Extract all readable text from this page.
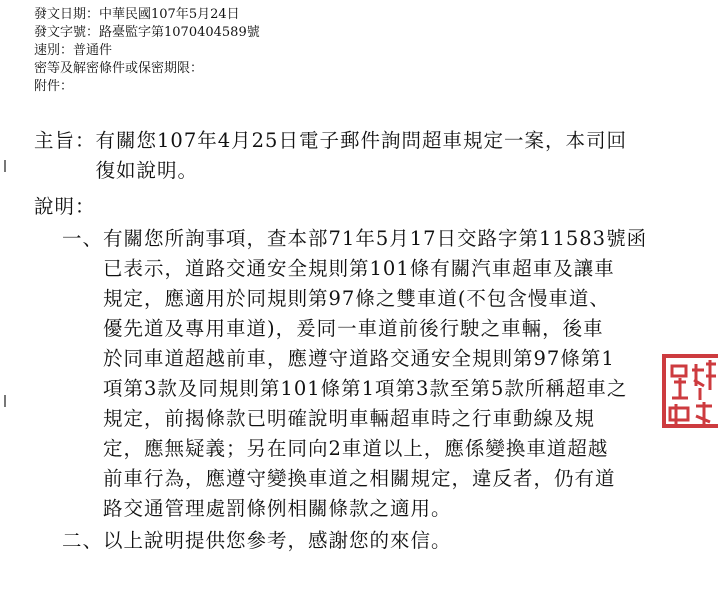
發文日期：中華民國107年5月24日
發文字號：路臺監字第1070404589號
速別：普通件
密等及解密條件或保密期限：
附件：
主旨： 有關您107年4月25日電子郵件詢問超車規定一案，本司回
復如說明。
說明：
一、 有關您所詢事項，查本部71年5月17日交路字第11583號函
已表示，道路交通安全規則第101條有關汽車超車及讓車
規定，應適用於同規則第97條之雙車道(不包含慢車道、
優先道及專用車道)，爰同一車道前後行駛之車輛，後車
於同車道超越前車，應遵守道路交通安全規則第97條第1
項第3款及同規則第101條第1項第3款至第5款所稱超車之
規定，前揭條款已明確說明車輛超車時之行車動線及規
定，應無疑義；另在同向2車道以上，應係變換車道超越
前車行為，應遵守變換車道之相關規定，違反者，仍有道
路交通管理處罰條例相關條款之適用。
二、 以上說明提供您參考，感謝您的來信。
